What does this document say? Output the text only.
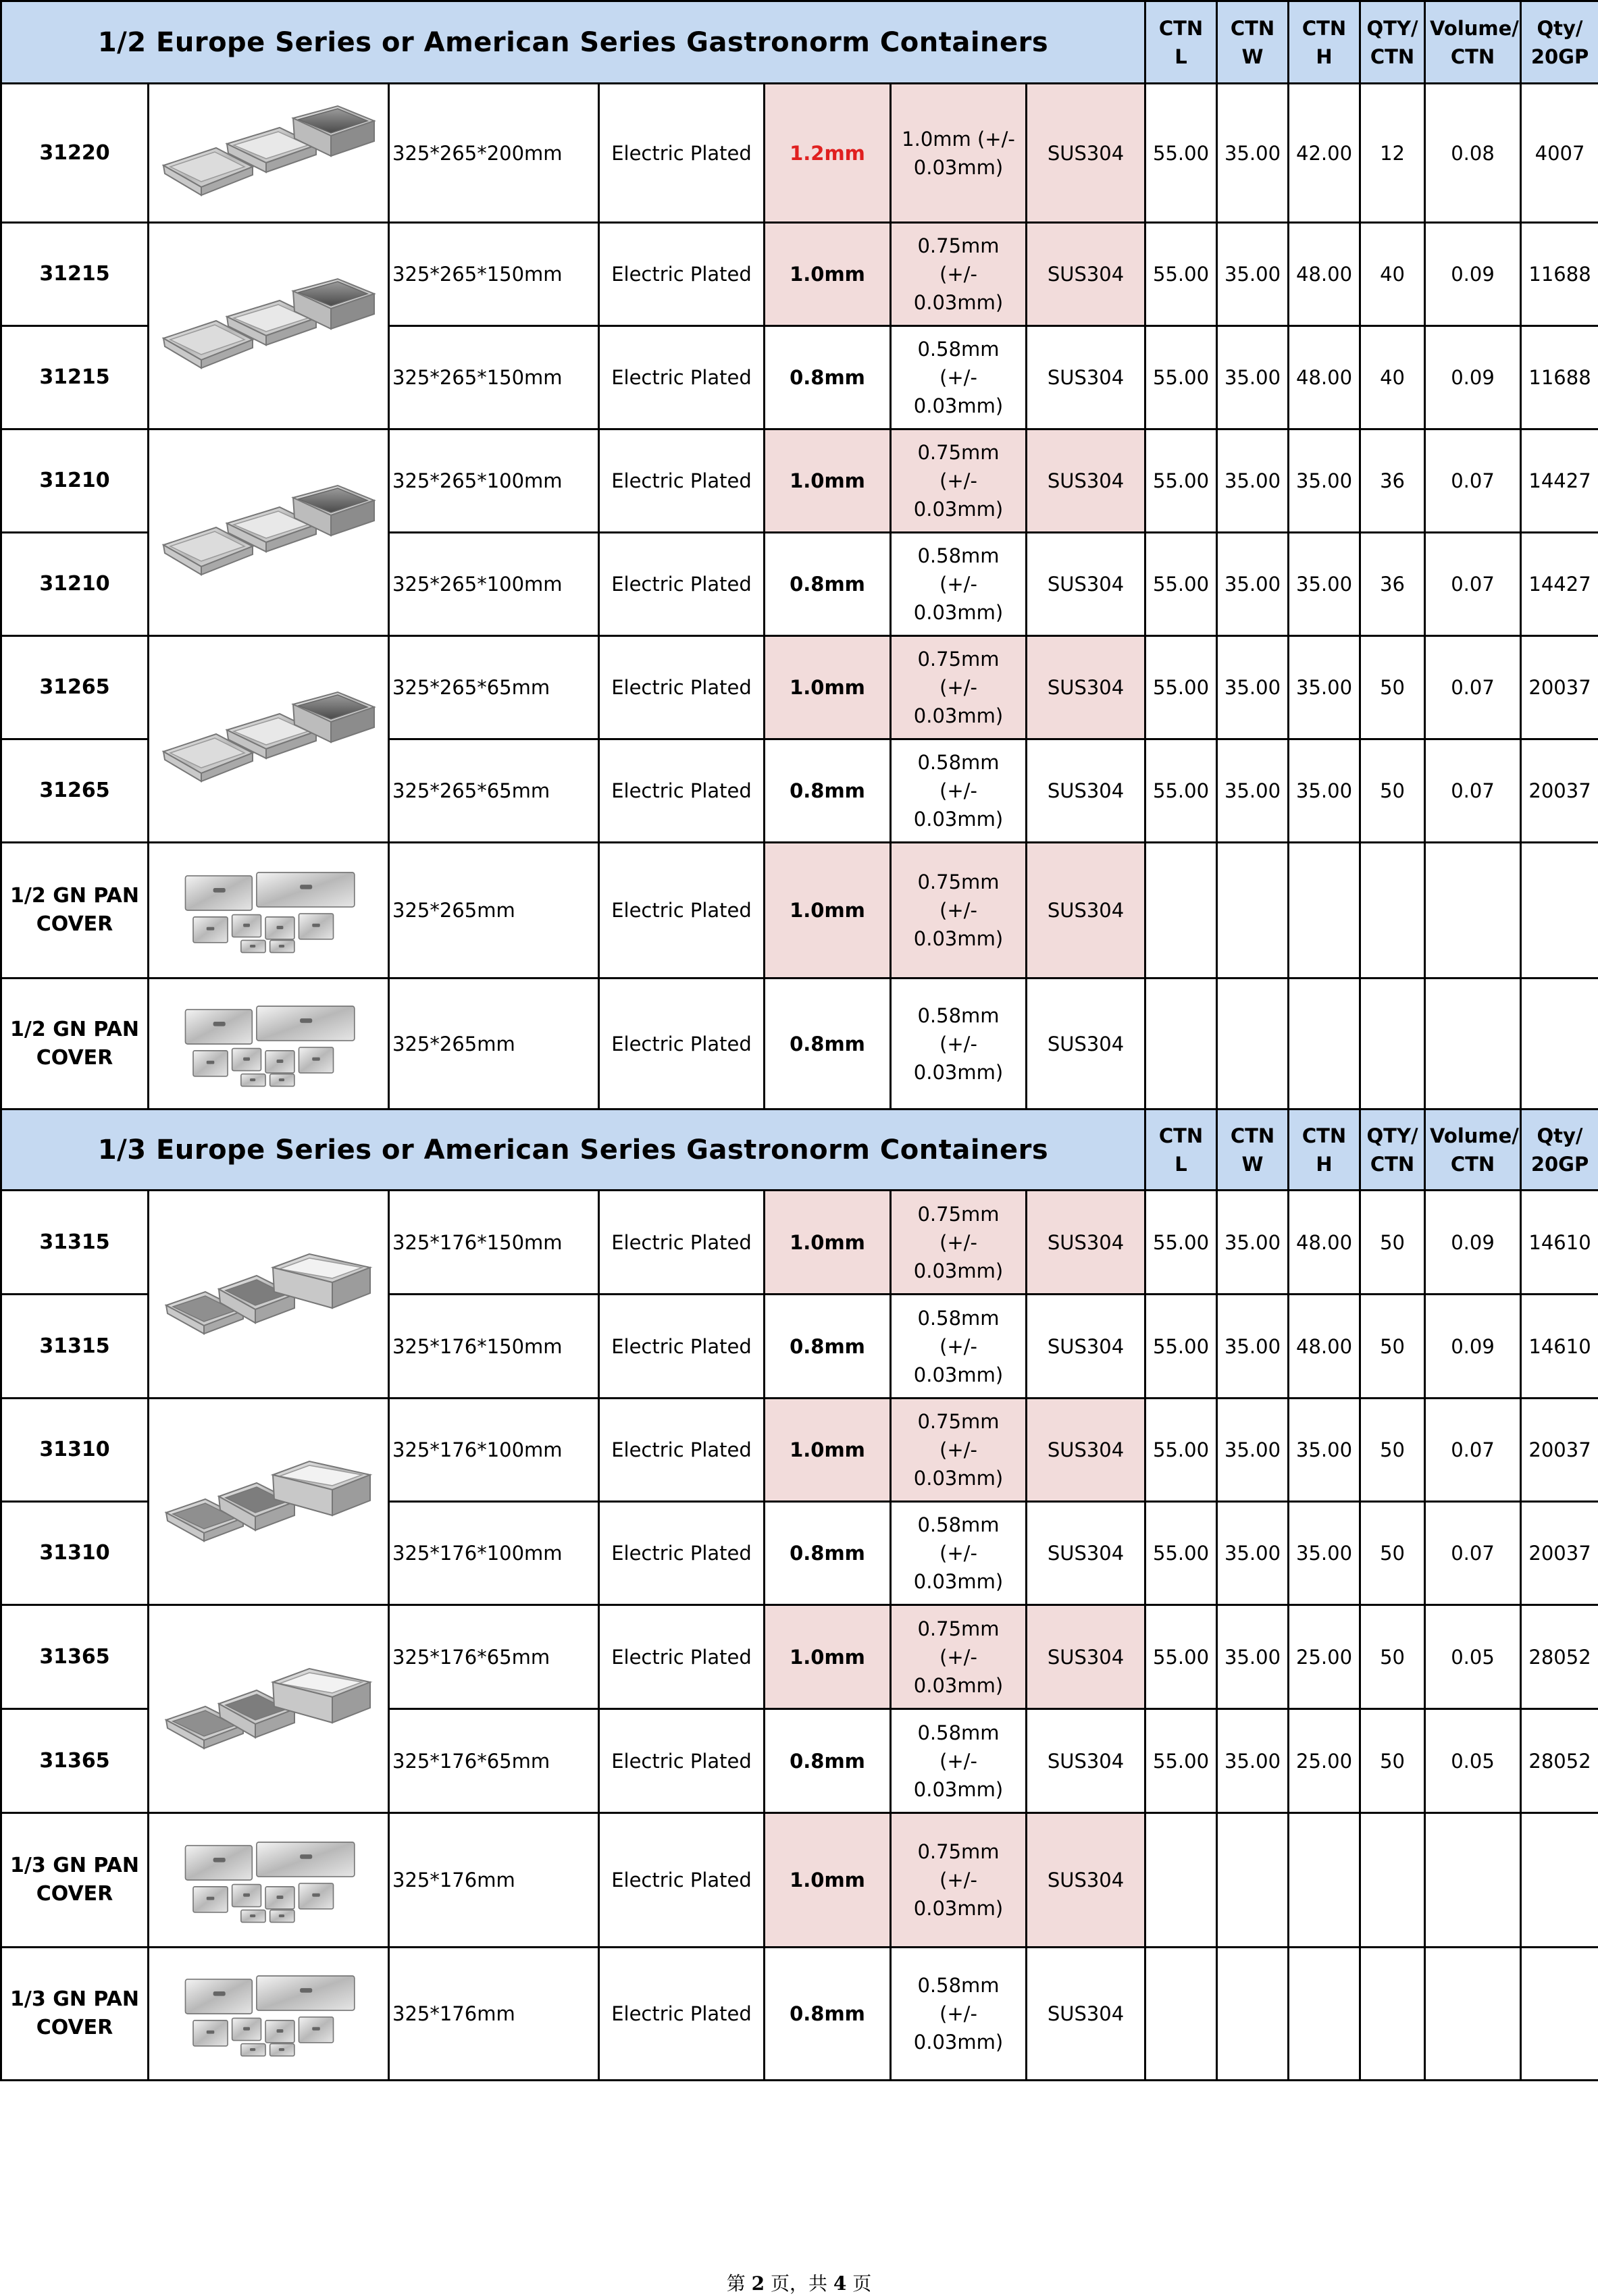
1/2 Europe Series or American Series Gastronorm Containers							CTN L	CTN W	CTN H	QTY/ CTN	Volume/ CTN	Qty/ 20GP
31220		325*265*200mm	Electric Plated	1.2mm	1.0mm (+/- 0.03mm)	SUS304	55.00	35.00	42.00	12	0.08	4007
31215		325*265*150mm	Electric Plated	1.0mm	0.75mm (+/- 0.03mm)	SUS304	55.00	35.00	48.00	40	0.09	11688
31215		325*265*150mm	Electric Plated	0.8mm	0.58mm (+/- 0.03mm)	SUS304	55.00	35.00	48.00	40	0.09	11688
31210		325*265*100mm	Electric Plated	1.0mm	0.75mm (+/- 0.03mm)	SUS304	55.00	35.00	35.00	36	0.07	14427
31210		325*265*100mm	Electric Plated	0.8mm	0.58mm (+/- 0.03mm)	SUS304	55.00	35.00	35.00	36	0.07	14427
31265		325*265*65mm	Electric Plated	1.0mm	0.75mm (+/- 0.03mm)	SUS304	55.00	35.00	35.00	50	0.07	20037
31265		325*265*65mm	Electric Plated	0.8mm	0.58mm (+/- 0.03mm)	SUS304	55.00	35.00	35.00	50	0.07	20037
1/2 GN PAN COVER		325*265mm	Electric Plated	1.0mm	0.75mm (+/- 0.03mm)	SUS304						
1/2 GN PAN COVER		325*265mm	Electric Plated	0.8mm	0.58mm (+/- 0.03mm)	SUS304						
1/3 Europe Series or American Series Gastronorm Containers							CTN L	CTN W	CTN H	QTY/ CTN	Volume/ CTN	Qty/ 20GP
31315		325*176*150mm	Electric Plated	1.0mm	0.75mm (+/- 0.03mm)	SUS304	55.00	35.00	48.00	50	0.09	14610
31315		325*176*150mm	Electric Plated	0.8mm	0.58mm (+/- 0.03mm)	SUS304	55.00	35.00	48.00	50	0.09	14610
31310		325*176*100mm	Electric Plated	1.0mm	0.75mm (+/- 0.03mm)	SUS304	55.00	35.00	35.00	50	0.07	20037
31310		325*176*100mm	Electric Plated	0.8mm	0.58mm (+/- 0.03mm)	SUS304	55.00	35.00	35.00	50	0.07	20037
31365		325*176*65mm	Electric Plated	1.0mm	0.75mm (+/- 0.03mm)	SUS304	55.00	35.00	25.00	50	0.05	28052
31365		325*176*65mm	Electric Plated	0.8mm	0.58mm (+/- 0.03mm)	SUS304	55.00	35.00	25.00	50	0.05	28052
1/3 GN PAN COVER		325*176mm	Electric Plated	1.0mm	0.75mm (+/- 0.03mm)	SUS304						
1/3 GN PAN COVER		325*176mm	Electric Plated	0.8mm	0.58mm (+/- 0.03mm)	SUS304						
第 2 页，共 4 页
